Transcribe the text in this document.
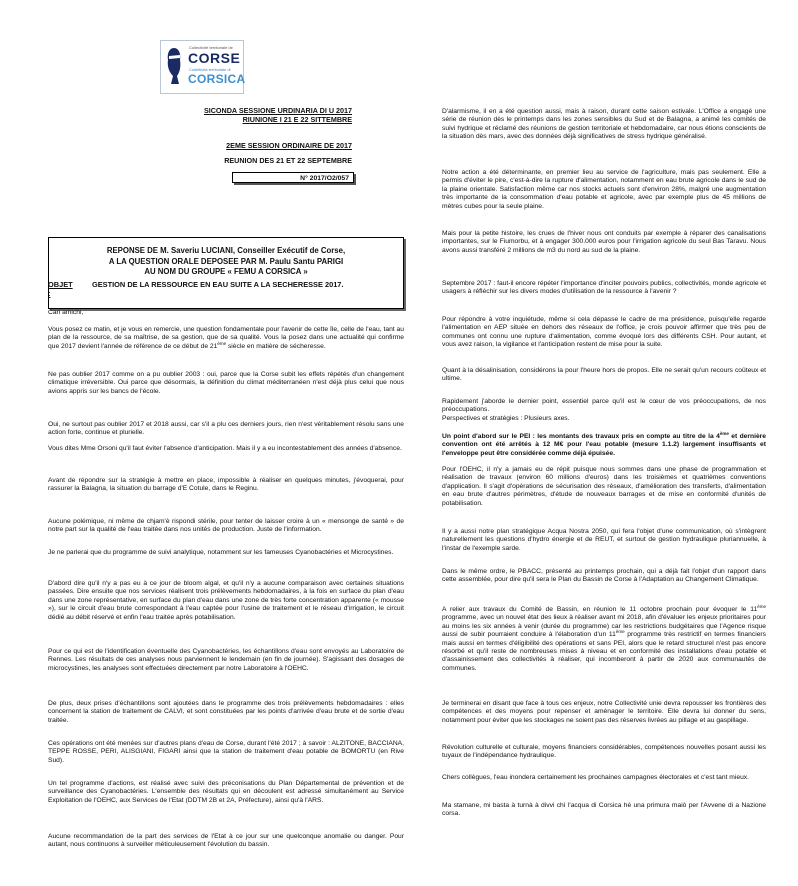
Collectivité territoriale de
CORSE
Cullettività territuriale di
CORSICA
SICONDA SESSIONE URDINARIA DI U 2017
RIUNIONE I 21 E 22 SITTEMBRE
2EME SESSION ORDINAIRE DE 2017
REUNION DES 21 ET 22 SEPTEMBRE
N° 2017/O2/057
REPONSE DE M. Saveriu LUCIANI, Conseiller Exécutif de Corse,
A LA QUESTION ORALE DEPOSEE PAR M. Paulu Santu PARIGI
AU NOM DU GROUPE « FEMU A CORSICA »
OBJET :
GESTION DE LA RESSOURCE EN EAU SUITE A LA SECHERESSE 2017.

Cari amichi,

Vous posez ce matin, et je vous en remercie, une question fondamentale pour l'avenir de cette île, celle de l'eau, tant au plan de la ressource, de sa maîtrise, de sa gestion, que de sa qualité. Vous la posez dans une actualité qui confirme que 2017 devient l'année de référence de ce début de 21ème siècle en matière de sécheresse.

Ne pas oublier 2017 comme on a pu oublier 2003 : oui, parce que la Corse subit les effets répétés d'un changement climatique irréversible. Oui parce que désormais, la définition du climat méditerranéen n'est déjà plus celui que nous avions appris sur les bancs de l'école.

Oui, ne surtout pas oublier 2017 et 2018 aussi, car s'il a plu ces derniers jours, rien n'est véritablement résolu sans une action forte, continue et plurielle.

Vous dites Mme Orsoni qu'il faut éviter l'absence d'anticipation. Mais il y a eu incontestablement des années d'absence.

Avant de répondre sur la stratégie à mettre en place, impossible à réaliser en quelques minutes, j'évoquerai, pour rassurer la Balagna, la situation du barrage d'E Cotule, dans le Reginu.

Aucune polémique, ni même de chjam'è rispondi stérile, pour tenter de laisser croire à un « mensonge de santé » de notre part sur la qualité de l'eau traitée dans nos unités de production. Juste de l'information.

Je ne parlerai que du programme de suivi analytique, notamment sur les fameuses Cyanobactéries et Microcystines.

D'abord dire qu'il n'y a pas eu à ce jour de bloom algal, et qu'il n'y a aucune comparaison avec certaines situations passées. Dire ensuite que nos services réalisent trois prélèvements hebdomadaires, à la fois en surface du plan d'eau dans une zone représentative, en surface du plan d'eau dans une zone de très forte concentration apparente (« mousse »), sur le circuit d'eau brute correspondant à l'eau captée pour l'usine de traitement et le réseau d'irrigation, le circuit dédié au débit réservé et enfin l'eau traitée après potabilisation.

Pour ce qui est de l'identification éventuelle des Cyanobactéries, les échantillons d'eau sont envoyés au Laboratoire de Rennes. Les résultats de ces analyses nous parviennent le lendemain (en fin de journée). S'agissant des dosages de microcystines, les analyses sont effectuées directement par notre Laboratoire à l'OEHC.

De plus, deux prises d'échantillons sont ajoutées dans le programme des trois prélèvements hebdomadaires : elles concernent la station de traitement de CALVI, et sont constituées par les points d'arrivée d'eau brute et de sortie d'eau traitée.

Ces opérations ont été menées sur d'autres plans d'eau de Corse, durant l'été 2017 ; à savoir : ALZITONE, BACCIANA, TEPPE ROSSE, PERI, ALISGIANI, FIGARI ainsi que la station de traitement d'eau potable de BOMORTU (en Rive Sud).

Un tel programme d'actions, est réalisé avec suivi des préconisations du Plan Départemental de prévention et de surveillance des Cyanobactéries. L'ensemble des résultats qui en découlent est adressé simultanément au Service Exploitation de l'OEHC, aux Services de l'Etat (DDTM 2B et 2A, Préfecture), ainsi qu'à l'ARS.

Aucune recommandation de la part des services de l'Etat à ce jour sur une quelconque anomalie ou danger. Pour autant, nous continuons à surveiller méticuleusement l'évolution du bassin.

D'alarmisme, il en a été question aussi, mais à raison, durant cette saison estivale. L'Office a engagé une série de réunion dès le printemps dans les zones sensibles du Sud et de Balagna, a animé les comités de suivi hydrique et réclamé des réunions de gestion territoriale et hebdomadaire, car nous étions conscients de la situation dès mars, avec des données déjà significatives de stress hydrique généralisé.

Notre action a été déterminante, en premier lieu au service de l'agriculture, mais pas seulement. Elle a permis d'éviter le pire, c'est-à-dire la rupture d'alimentation, notamment en eau brute agricole dans le sud de la plaine orientale. Satisfaction même car nos stocks actuels sont d'environ 28%, malgré une augmentation très importante de la consommation d'eau potable et agricole, avec par exemple plus de 45 millions de mètres cubes pour la seule plaine.

Mais pour la petite histoire, les crues de l'hiver nous ont conduits par exemple à réparer des canalisations importantes, sur le Fiumorbu, et à engager 300.000 euros pour l'irrigation agricole du seul Bas Taravu. Nous avons aussi transféré 2 millions de m3 du nord au sud de la plaine.

Septembre 2017 : faut-il encore répéter l'importance d'inciter pouvoirs publics, collectivités, monde agricole et usagers à réfléchir sur les divers modes d'utilisation de la ressource à l'avenir ?

Pour répondre à votre inquiétude, même si cela dépasse le cadre de ma présidence, puisqu'elle regarde l'alimentation en AEP située en dehors des réseaux de l'office, je crois pouvoir affirmer que très peu de communes ont connu une rupture d'alimentation, comme évoqué lors des différents CSH. Pour autant, et vous avez raison, la vigilance et l'anticipation restent de mise pour la suite.

Quant à la désalinisation, considérons la pour l'heure hors de propos. Elle ne serait qu'un recours coûteux et ultime.

Rapidement j'aborde le dernier point, essentiel parce qu'il est le cœur de vos préoccupations, de nos préoccupations.

Perspectives et stratégies : Plusieurs axes.

Un point d'abord sur le PEI : les montants des travaux pris en compte au titre de la 4ème et dernière convention ont été arrêtés à 12 M€ pour l'eau potable (mesure 1.1.2) largement insuffisants et l'enveloppe peut être considérée comme déjà épuisée.

Pour l'OEHC, il n'y a jamais eu de répit puisque nous sommes dans une phase de programmation et réalisation de travaux (environ 60 millions d'euros) dans les troisièmes et quatrièmes conventions d'application. Il s'agit d'opérations de sécurisation des réseaux, d'amélioration des transferts, d'alimentation en eau brute d'autres périmètres, d'étude de nouveaux barrages et de mise en conformité d'unités de potabilisation.

Il y a aussi notre plan stratégique Acqua Nostra 2050, qui fera l'objet d'une communication, où s'intègrent naturellement les questions d'hydro énergie et de REUT, et surtout de gestion hydraulique pluriannuelle, à l'instar de l'exemple sarde.

Dans le même ordre, le PBACC, présenté au printemps prochain, qui a déjà fait l'objet d'un rapport dans cette assemblée, pour dire qu'il sera le Plan du Bassin de Corse à l'Adaptation au Changement Climatique.

A relier aux travaux du Comité de Bassin, en réunion le 11 octobre prochain pour évoquer le 11ème programme, avec un nouvel état des lieux à réaliser avant mi 2018, afin d'évaluer les enjeux prioritaires pour au moins les six années à venir (durée du programme) car les restrictions budgétaires que l'Agence risque aussi de subir pourraient conduire à l'élaboration d'un 11ème programme très restrictif en termes financiers mais aussi en termes d'éligibilité des opérations et sans PEI, alors que le retard structurel n'est pas encore résorbé et qu'il reste de nombreuses mises à niveau et en conformité des installations d'eau potable et d'assainissement des collectivités à réaliser, qui incomberont à partir de 2020 aux communautés de communes.

Je terminerai en disant que face à tous ces enjeux, notre Collectivité unie devra repousser les frontières des compétences et des moyens pour repenser et aménager le territoire. Elle devra lui donner du sens, notamment pour éviter que les stockages ne soient pas des réserves livrées au pillage et au gaspillage.

Révolution culturelle et culturale, moyens financiers considérables, compétences nouvelles posant aussi les tuyaux de l'indépendance hydraulique.

Chers collègues, l'eau inondera certainement les prochaines campagnes électorales et c'est tant mieux.

Ma stamane, mi basta à turnà à divvi chì l'acqua di Corsica hè una primura maiò per l'Avvene di a Nazione corsa.
